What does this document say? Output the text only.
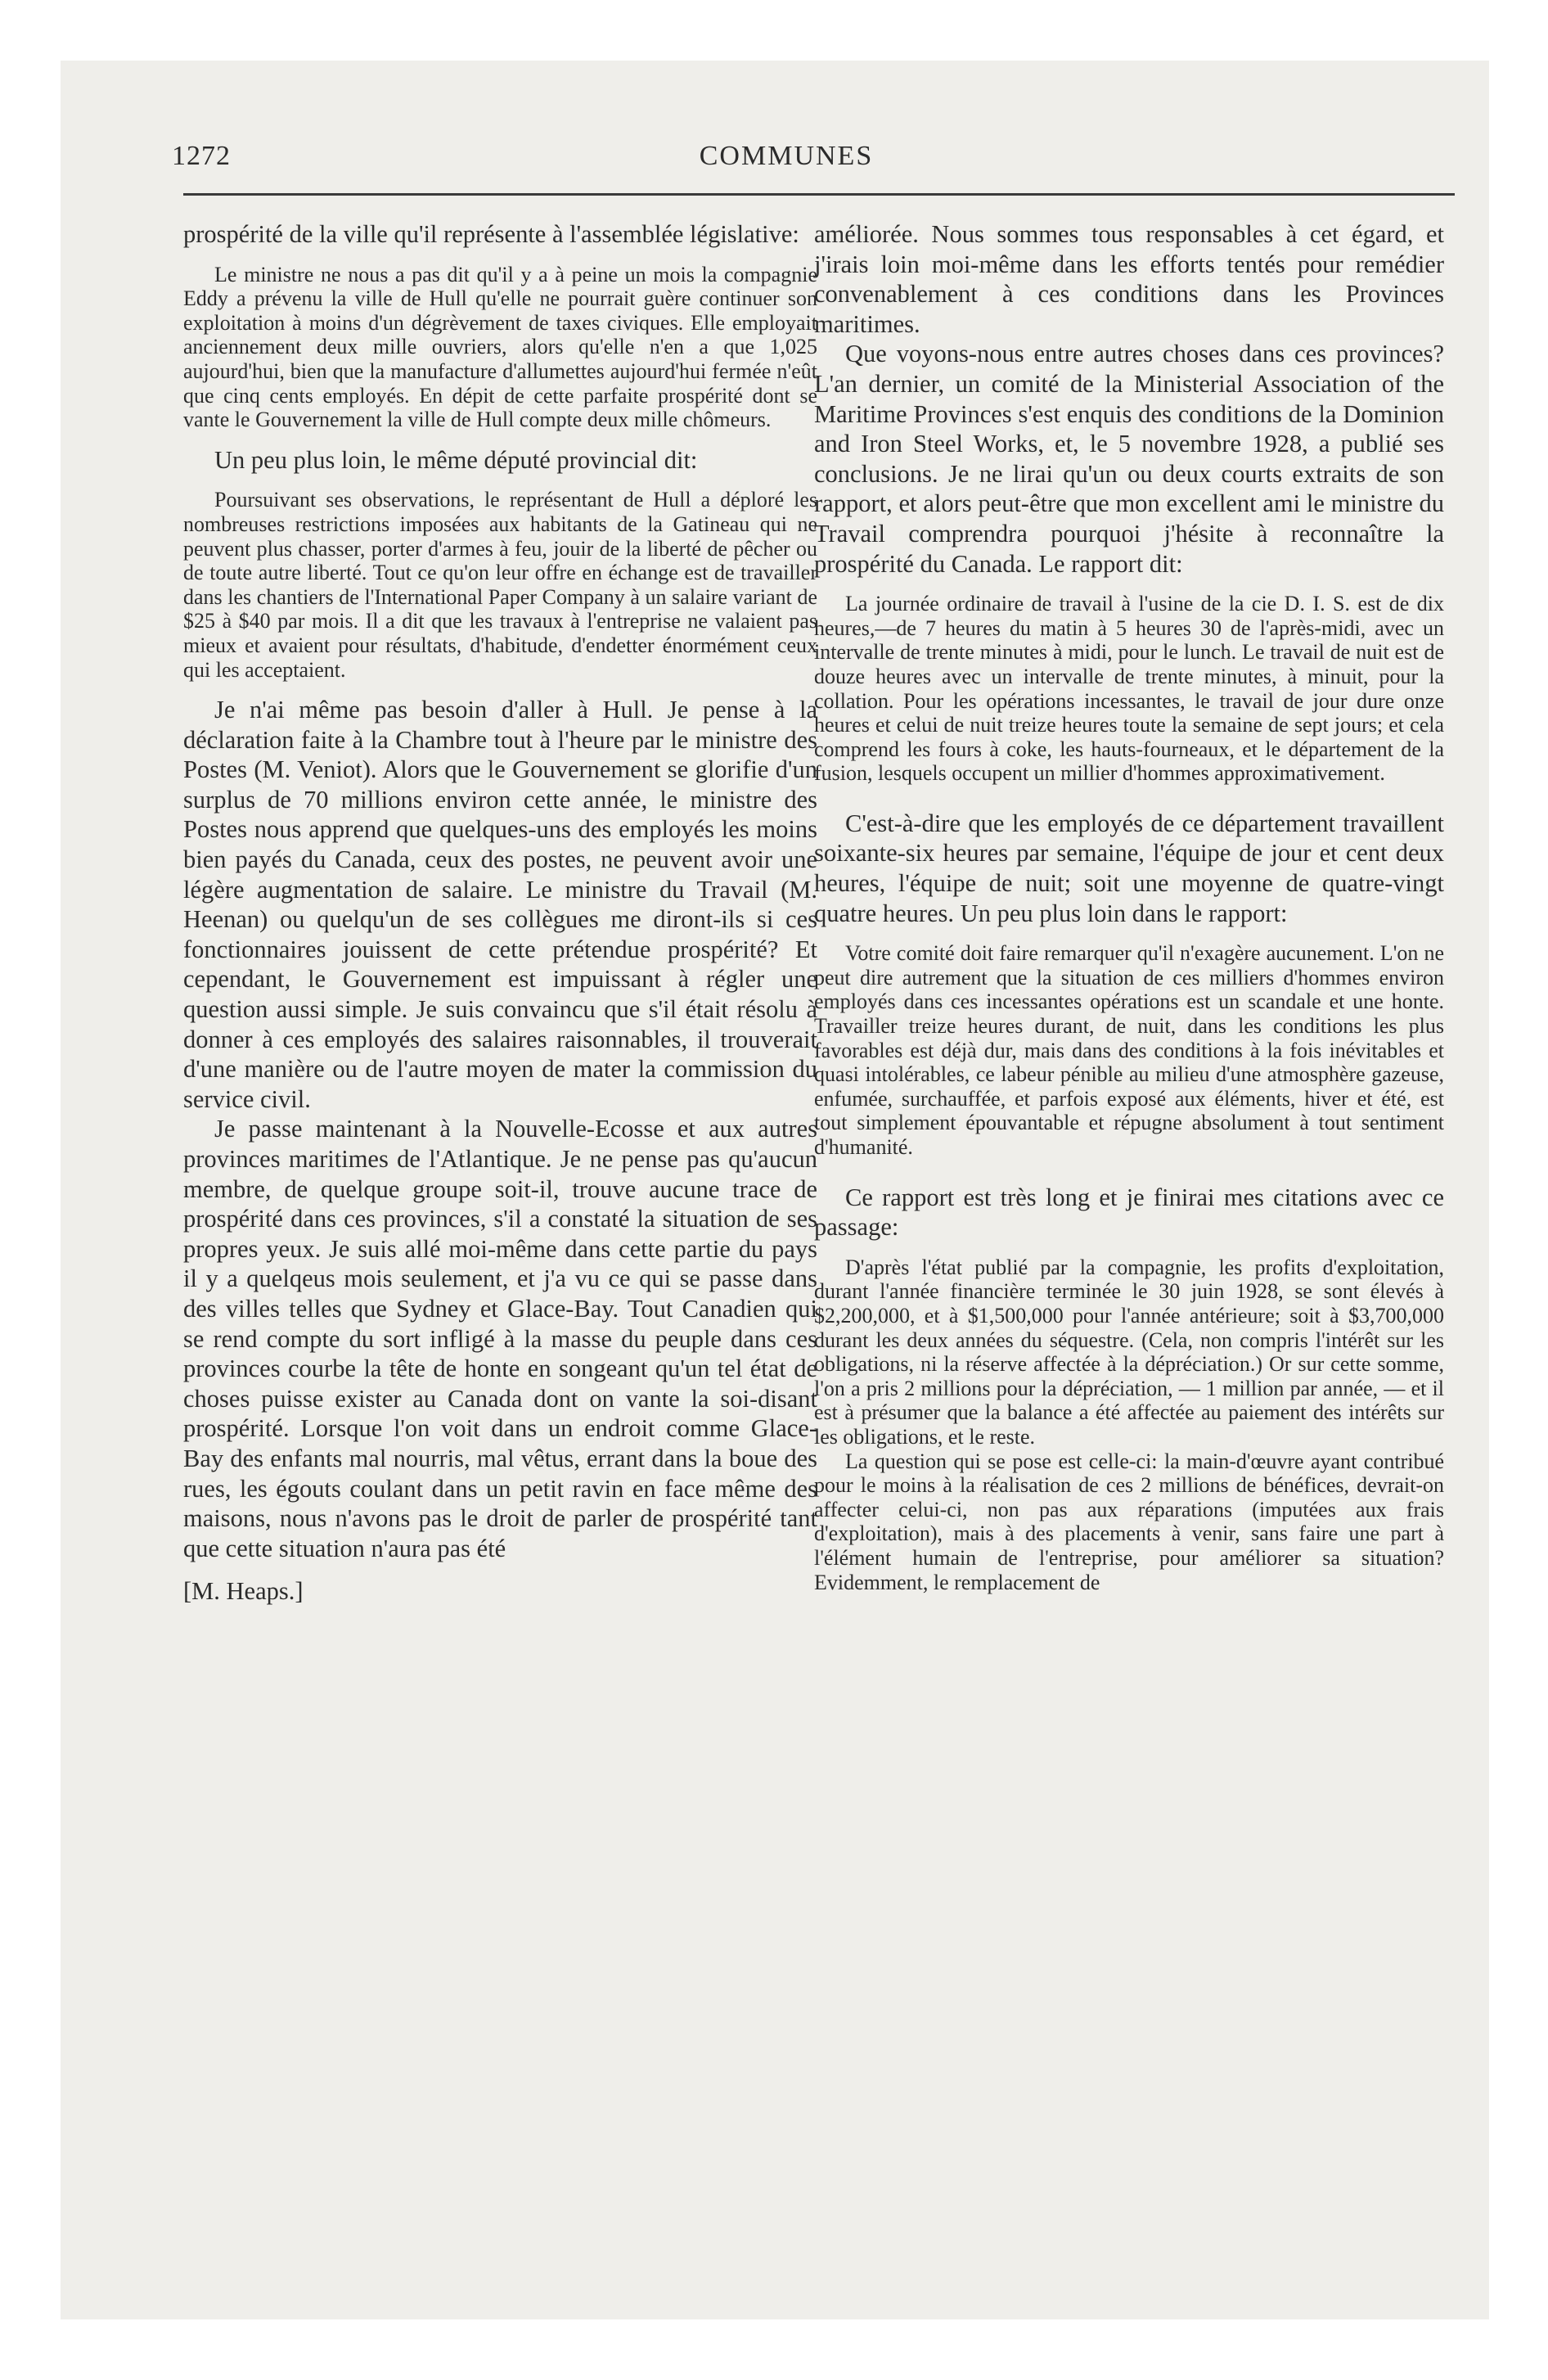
1272	COMMUNES

prospérité de la ville qu'il représente à l'assemblée législative:

Le ministre ne nous a pas dit qu'il y a à peine un mois la compagnie Eddy a prévenu la ville de Hull qu'elle ne pourrait guère continuer son exploitation à moins d'un dégrèvement de taxes civiques. Elle employait anciennement deux mille ouvriers, alors qu'elle n'en a que 1,025 aujourd'hui, bien que la manufacture d'allumettes aujourd'hui fermée n'eût que cinq cents employés. En dépit de cette parfaite prospérité dont se vante le Gouvernement la ville de Hull compte deux mille chômeurs.

Un peu plus loin, le même député provincial dit:

Poursuivant ses observations, le représentant de Hull a déploré les nombreuses restrictions imposées aux habitants de la Gatineau qui ne peuvent plus chasser, porter d'armes à feu, jouir de la liberté de pêcher ou de toute autre liberté. Tout ce qu'on leur offre en échange est de travailler dans les chantiers de l'International Paper Company à un salaire variant de $25 à $40 par mois. Il a dit que les travaux à l'entreprise ne valaient pas mieux et avaient pour résultats, d'habitude, d'endetter énormément ceux qui les acceptaient.

Je n'ai même pas besoin d'aller à Hull. Je pense à la déclaration faite à la Chambre tout à l'heure par le ministre des Postes (M. Veniot). Alors que le Gouvernement se glorifie d'un surplus de 70 millions environ cette année, le ministre des Postes nous apprend que quelques-uns des employés les moins bien payés du Canada, ceux des postes, ne peuvent avoir une légère augmentation de salaire. Le ministre du Travail (M. Heenan) ou quelqu'un de ses collègues me diront-ils si ces fonctionnaires jouissent de cette prétendue prospérité? Et cependant, le Gouvernement est impuissant à régler une question aussi simple. Je suis convaincu que s'il était résolu à donner à ces employés des salaires raisonnables, il trouverait d'une manière ou de l'autre moyen de mater la commission du service civil.

Je passe maintenant à la Nouvelle-Ecosse et aux autres provinces maritimes de l'Atlantique. Je ne pense pas qu'aucun membre, de quelque groupe soit-il, trouve aucune trace de prospérité dans ces provinces, s'il a constaté la situation de ses propres yeux. Je suis allé moi-même dans cette partie du pays il y a quelqeus mois seulement, et j'a vu ce qui se passe dans des villes telles que Sydney et Glace-Bay. Tout Canadien qui se rend compte du sort infligé à la masse du peuple dans ces provinces courbe la tête de honte en songeant qu'un tel état de choses puisse exister au Canada dont on vante la soi-disant prospérité. Lorsque l'on voit dans un endroit comme Glace-Bay des enfants mal nourris, mal vêtus, errant dans la boue des rues, les égouts coulant dans un petit ravin en face même des maisons, nous n'avons pas le droit de parler de prospérité tant que cette situation n'aura pas été

[M. Heaps.]

améliorée. Nous sommes tous responsables à cet égard, et j'irais loin moi-même dans les efforts tentés pour remédier convenablement à ces conditions dans les Provinces maritimes.

Que voyons-nous entre autres choses dans ces provinces? L'an dernier, un comité de la Ministerial Association of the Maritime Provinces s'est enquis des conditions de la Dominion and Iron Steel Works, et, le 5 novembre 1928, a publié ses conclusions. Je ne lirai qu'un ou deux courts extraits de son rapport, et alors peut-être que mon excellent ami le ministre du Travail comprendra pourquoi j'hésite à reconnaître la prospérité du Canada. Le rapport dit:

La journée ordinaire de travail à l'usine de la cie D. I. S. est de dix heures,—de 7 heures du matin à 5 heures 30 de l'après-midi, avec un intervalle de trente minutes à midi, pour le lunch. Le travail de nuit est de douze heures avec un intervalle de trente minutes, à minuit, pour la collation. Pour les opérations incessantes, le travail de jour dure onze heures et celui de nuit treize heures toute la semaine de sept jours; et cela comprend les fours à coke, les hauts-fourneaux, et le département de la fusion, lesquels occupent un millier d'hommes approximativement.

C'est-à-dire que les employés de ce département travaillent soixante-six heures par semaine, l'équipe de jour et cent deux heures, l'équipe de nuit; soit une moyenne de quatre-vingt quatre heures. Un peu plus loin dans le rapport:

Votre comité doit faire remarquer qu'il n'exagère aucunement. L'on ne peut dire autrement que la situation de ces milliers d'hommes environ employés dans ces incessantes opérations est un scandale et une honte. Travailler treize heures durant, de nuit, dans les conditions les plus favorables est déjà dur, mais dans des conditions à la fois inévitables et quasi intolérables, ce labeur pénible au milieu d'une atmosphère gazeuse, enfumée, surchauffée, et parfois exposé aux éléments, hiver et été, est tout simplement épouvantable et répugne absolument à tout sentiment d'humanité.

Ce rapport est très long et je finirai mes citations avec ce passage:

D'après l'état publié par la compagnie, les profits d'exploitation, durant l'année financière terminée le 30 juin 1928, se sont élevés à $2,200,000, et à $1,500,000 pour l'année antérieure; soit à $3,700,000 durant les deux années du séquestre. (Cela, non compris l'intérêt sur les obligations, ni la réserve affectée à la dépréciation.) Or sur cette somme, l'on a pris 2 millions pour la dépréciation, — 1 million par année, — et il est à présumer que la balance a été affectée au paiement des intérêts sur les obligations, et le reste.

La question qui se pose est celle-ci: la main-d'œuvre ayant contribué pour le moins à la réalisation de ces 2 millions de bénéfices, devrait-on affecter celui-ci, non pas aux réparations (imputées aux frais d'exploitation), mais à des placements à venir, sans faire une part à l'élément humain de l'entreprise, pour améliorer sa situation? Evidemment, le remplacement de
